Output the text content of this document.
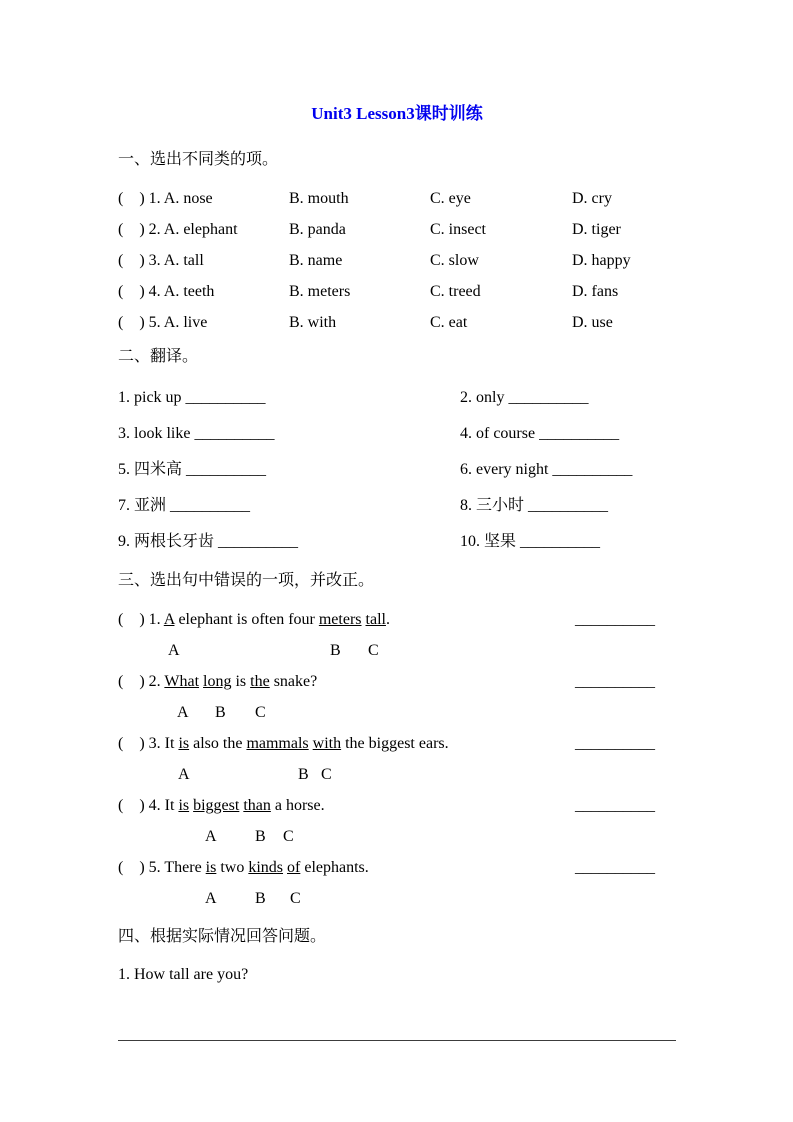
Unit3 Lesson3课时训练
一、选出不同类的项。
(    ) 1. A. nose	B. mouth	C. eye	D. cry
(    ) 2. A. elephant	B. panda	C. insect	D. tiger
(    ) 3. A. tall	B. name	C. slow	D. happy
(    ) 4. A. teeth	B. meters	C. treed	D. fans
(    ) 5. A. live	B. with	C. eat	D. use
二、翻译。
1. pick up __________	2. only __________
3. look like __________	4. of course __________
5. 四米高 __________	6. every night __________
7. 亚洲 __________	8. 三小时 __________
9. 两根长牙齿 __________	10. 坚果 __________
三、选出句中错误的一项，并改正。
(    ) 1. A elephant is often four meters tall.	__________
A	B C
(    ) 2. What long is the snake?	__________
A B C
(    ) 3. It is also the mammals with the biggest ears.	__________
A	B C
(    ) 4. It is biggest than a horse.	__________
A B C
(    ) 5. There is two kinds of elephants.	__________
A B C
四、根据实际情况回答问题。
1. How tall are you?
